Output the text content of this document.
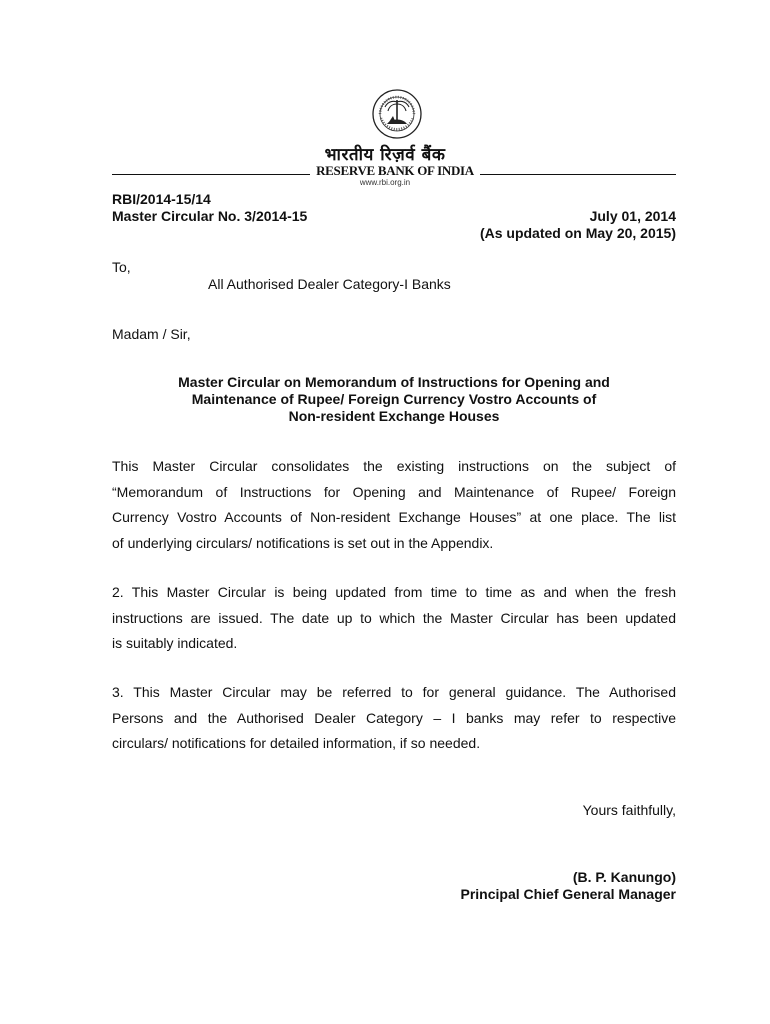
भारतीय रिज़र्व बैंक
RESERVE BANK OF INDIA
www.rbi.org.in
RBI/2014-15/14
Master Circular No. 3/2014-15	July 01, 2014
(As updated on May 20, 2015)
To,
All Authorised Dealer Category-I Banks
Madam / Sir,
Master Circular on Memorandum of Instructions for Opening and
Maintenance of Rupee/ Foreign Currency Vostro Accounts of
Non-resident Exchange Houses
This Master Circular consolidates the existing instructions on the subject of
“Memorandum of Instructions for Opening and Maintenance of Rupee/ Foreign
Currency Vostro Accounts of Non-resident Exchange Houses” at one place. The list
of underlying circulars/ notifications is set out in the Appendix.
2. This Master Circular is being updated from time to time as and when the fresh
instructions are issued. The date up to which the Master Circular has been updated
is suitably indicated.
3. This Master Circular may be referred to for general guidance. The Authorised
Persons and the Authorised Dealer Category – I banks may refer to respective
circulars/ notifications for detailed information, if so needed.
Yours faithfully,
(B. P. Kanungo)
Principal Chief General Manager
